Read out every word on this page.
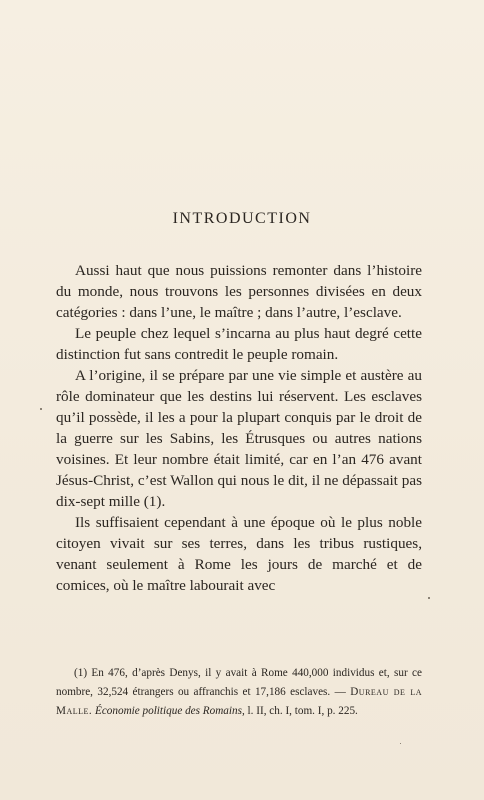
INTRODUCTION

Aussi haut que nous puissions remonter dans l’histoire du monde, nous trouvons les personnes divisées en deux catégories : dans l’une, le maître ; dans l’autre, l’esclave.

Le peuple chez lequel s’incarna au plus haut degré cette distinction fut sans contredit le peuple romain.

A l’origine, il se prépare par une vie simple et austère au rôle dominateur que les destins lui réservent. Les esclaves qu’il possède, il les a pour la plupart conquis par le droit de la guerre sur les Sabins, les Étrusques ou autres nations voisines. Et leur nombre était limité, car en l’an 476 avant Jésus-Christ, c’est Wallon qui nous le dit, il ne dépassait pas dix-sept mille (1).

Ils suffisaient cependant à une époque où le plus noble citoyen vivait sur ses terres, dans les tribus rustiques, venant seulement à Rome les jours de marché et de comices, où le maître labourait avec

(1) En 476, d’après Denys, il y avait à Rome 440,000 individus et, sur ce nombre, 32,524 étrangers ou affranchis et 17,186 esclaves. — Dureau de la Malle. Économie politique des Romains, l. II, ch. I, tom. I, p. 225.
